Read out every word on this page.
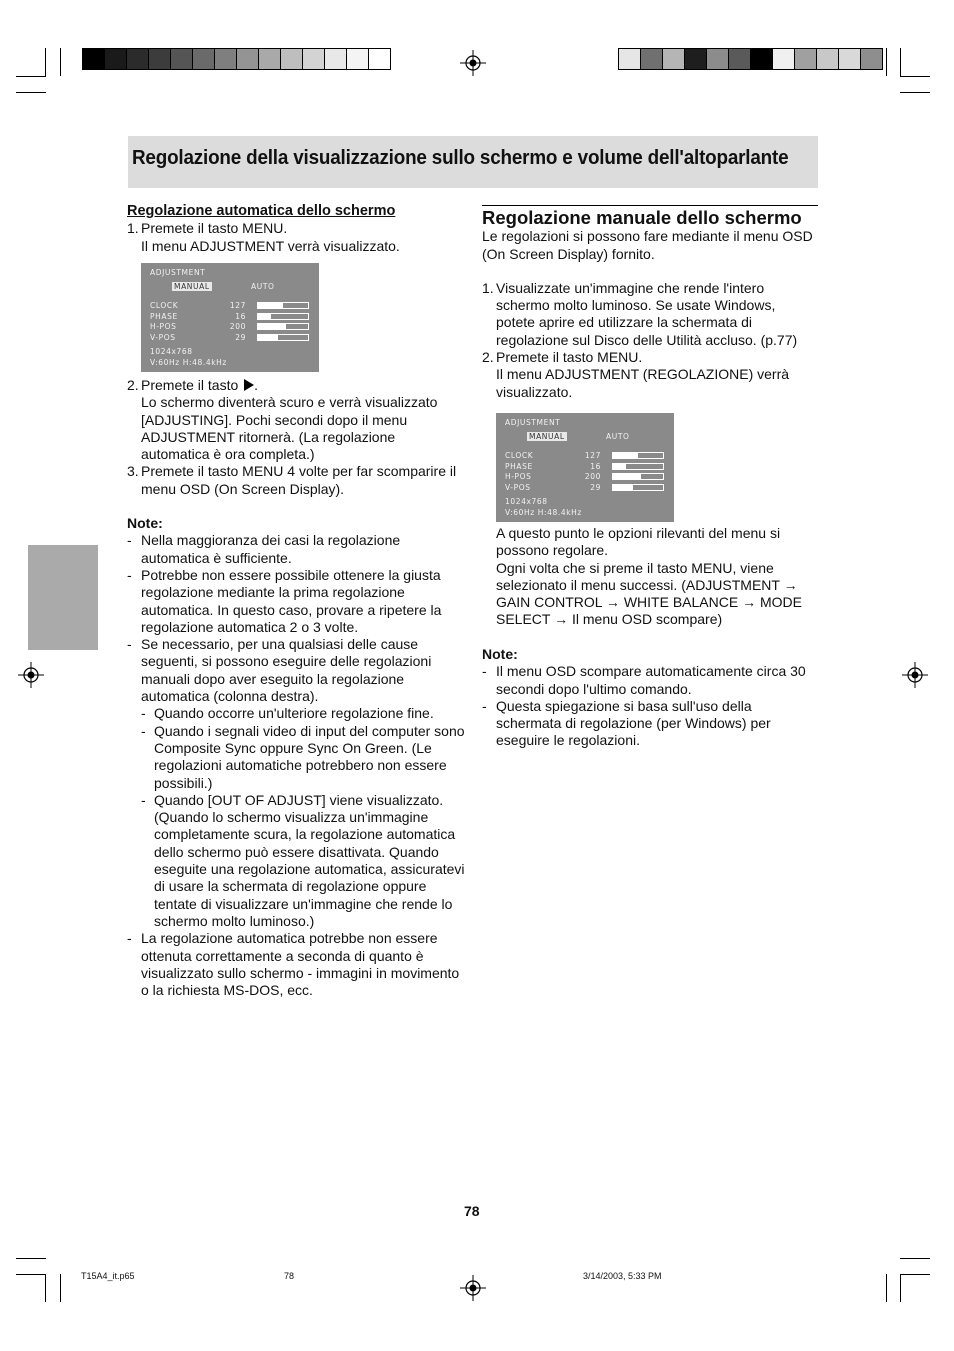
Regolazione della visualizzazione sullo schermo e volume dell'altoparlante

Regolazione automatica dello schermo

1. Premete il tasto MENU.

Il menu ADJUSTMENT verrà visualizzato.

ADJUSTMENT
MANUAL	AUTO
CLOCK	127
PHASE	16
H-POS	200
V-POS	29
1024x768
V:60Hz H:48.4kHz
2. Premete il tasto .

Lo schermo diventerà scuro e verrà visualizzato [ADJUSTING]. Pochi secondi dopo il menu ADJUSTMENT ritornerà. (La regolazione automatica è ora completa.)

3. Premete il tasto MENU 4 volte per far scomparire il menu OSD (On Screen Display).

Note:

- Nella maggioranza dei casi la regolazione automatica è sufficiente.

- Potrebbe non essere possibile ottenere la giusta regolazione mediante la prima regolazione automatica. In questo caso, provare a ripetere la regolazione automatica 2 o 3 volte.

- Se necessario, per una qualsiasi delle cause seguenti, si possono eseguire delle regolazioni manuali dopo aver eseguito la regolazione automatica (colonna destra).

- Quando occorre un'ulteriore regolazione fine.

- Quando i segnali video di input del computer sono Composite Sync oppure Sync On Green. (Le regolazioni automatiche potrebbero non essere possibili.)

- Quando [OUT OF ADJUST] viene visualizzato. (Quando lo schermo visualizza un'immagine completamente scura, la regolazione automatica dello schermo può essere disattivata. Quando eseguite una regolazione automatica, assicuratevi di usare la schermata di regolazione oppure tentate di visualizzare un'immagine che rende lo schermo molto luminoso.)

- La regolazione automatica potrebbe non essere ottenuta correttamente a seconda di quanto è visualizzato sullo schermo - immagini in movimento o la richiesta MS-DOS, ecc.

Regolazione manuale dello schermo

Le regolazioni si possono fare mediante il menu OSD (On Screen Display) fornito.

1. Visualizzate un'immagine che rende l'intero schermo molto luminoso. Se usate Windows, potete aprire ed utilizzare la schermata di regolazione sul Disco delle Utilità accluso. (p.77)

2. Premete il tasto MENU.

Il menu ADJUSTMENT (REGOLAZIONE) verrà visualizzato.

ADJUSTMENT
MANUAL	AUTO
CLOCK	127
PHASE	16
H-POS	200
V-POS	29
1024x768
V:60Hz H:48.4kHz

A questo punto le opzioni rilevanti del menu si possono regolare.

Ogni volta che si preme il tasto MENU, viene selezionato il menu successi. (ADJUSTMENT → GAIN CONTROL → WHITE BALANCE → MODE SELECT → Il menu OSD scompare)

Note:

- Il menu OSD scompare automaticamente circa 30 secondi dopo l'ultimo comando.

- Questa spiegazione si basa sull'uso della schermata di regolazione (per Windows) per eseguire le regolazioni.

78
T15A4_it.p65	78	3/14/2003, 5:33 PM
